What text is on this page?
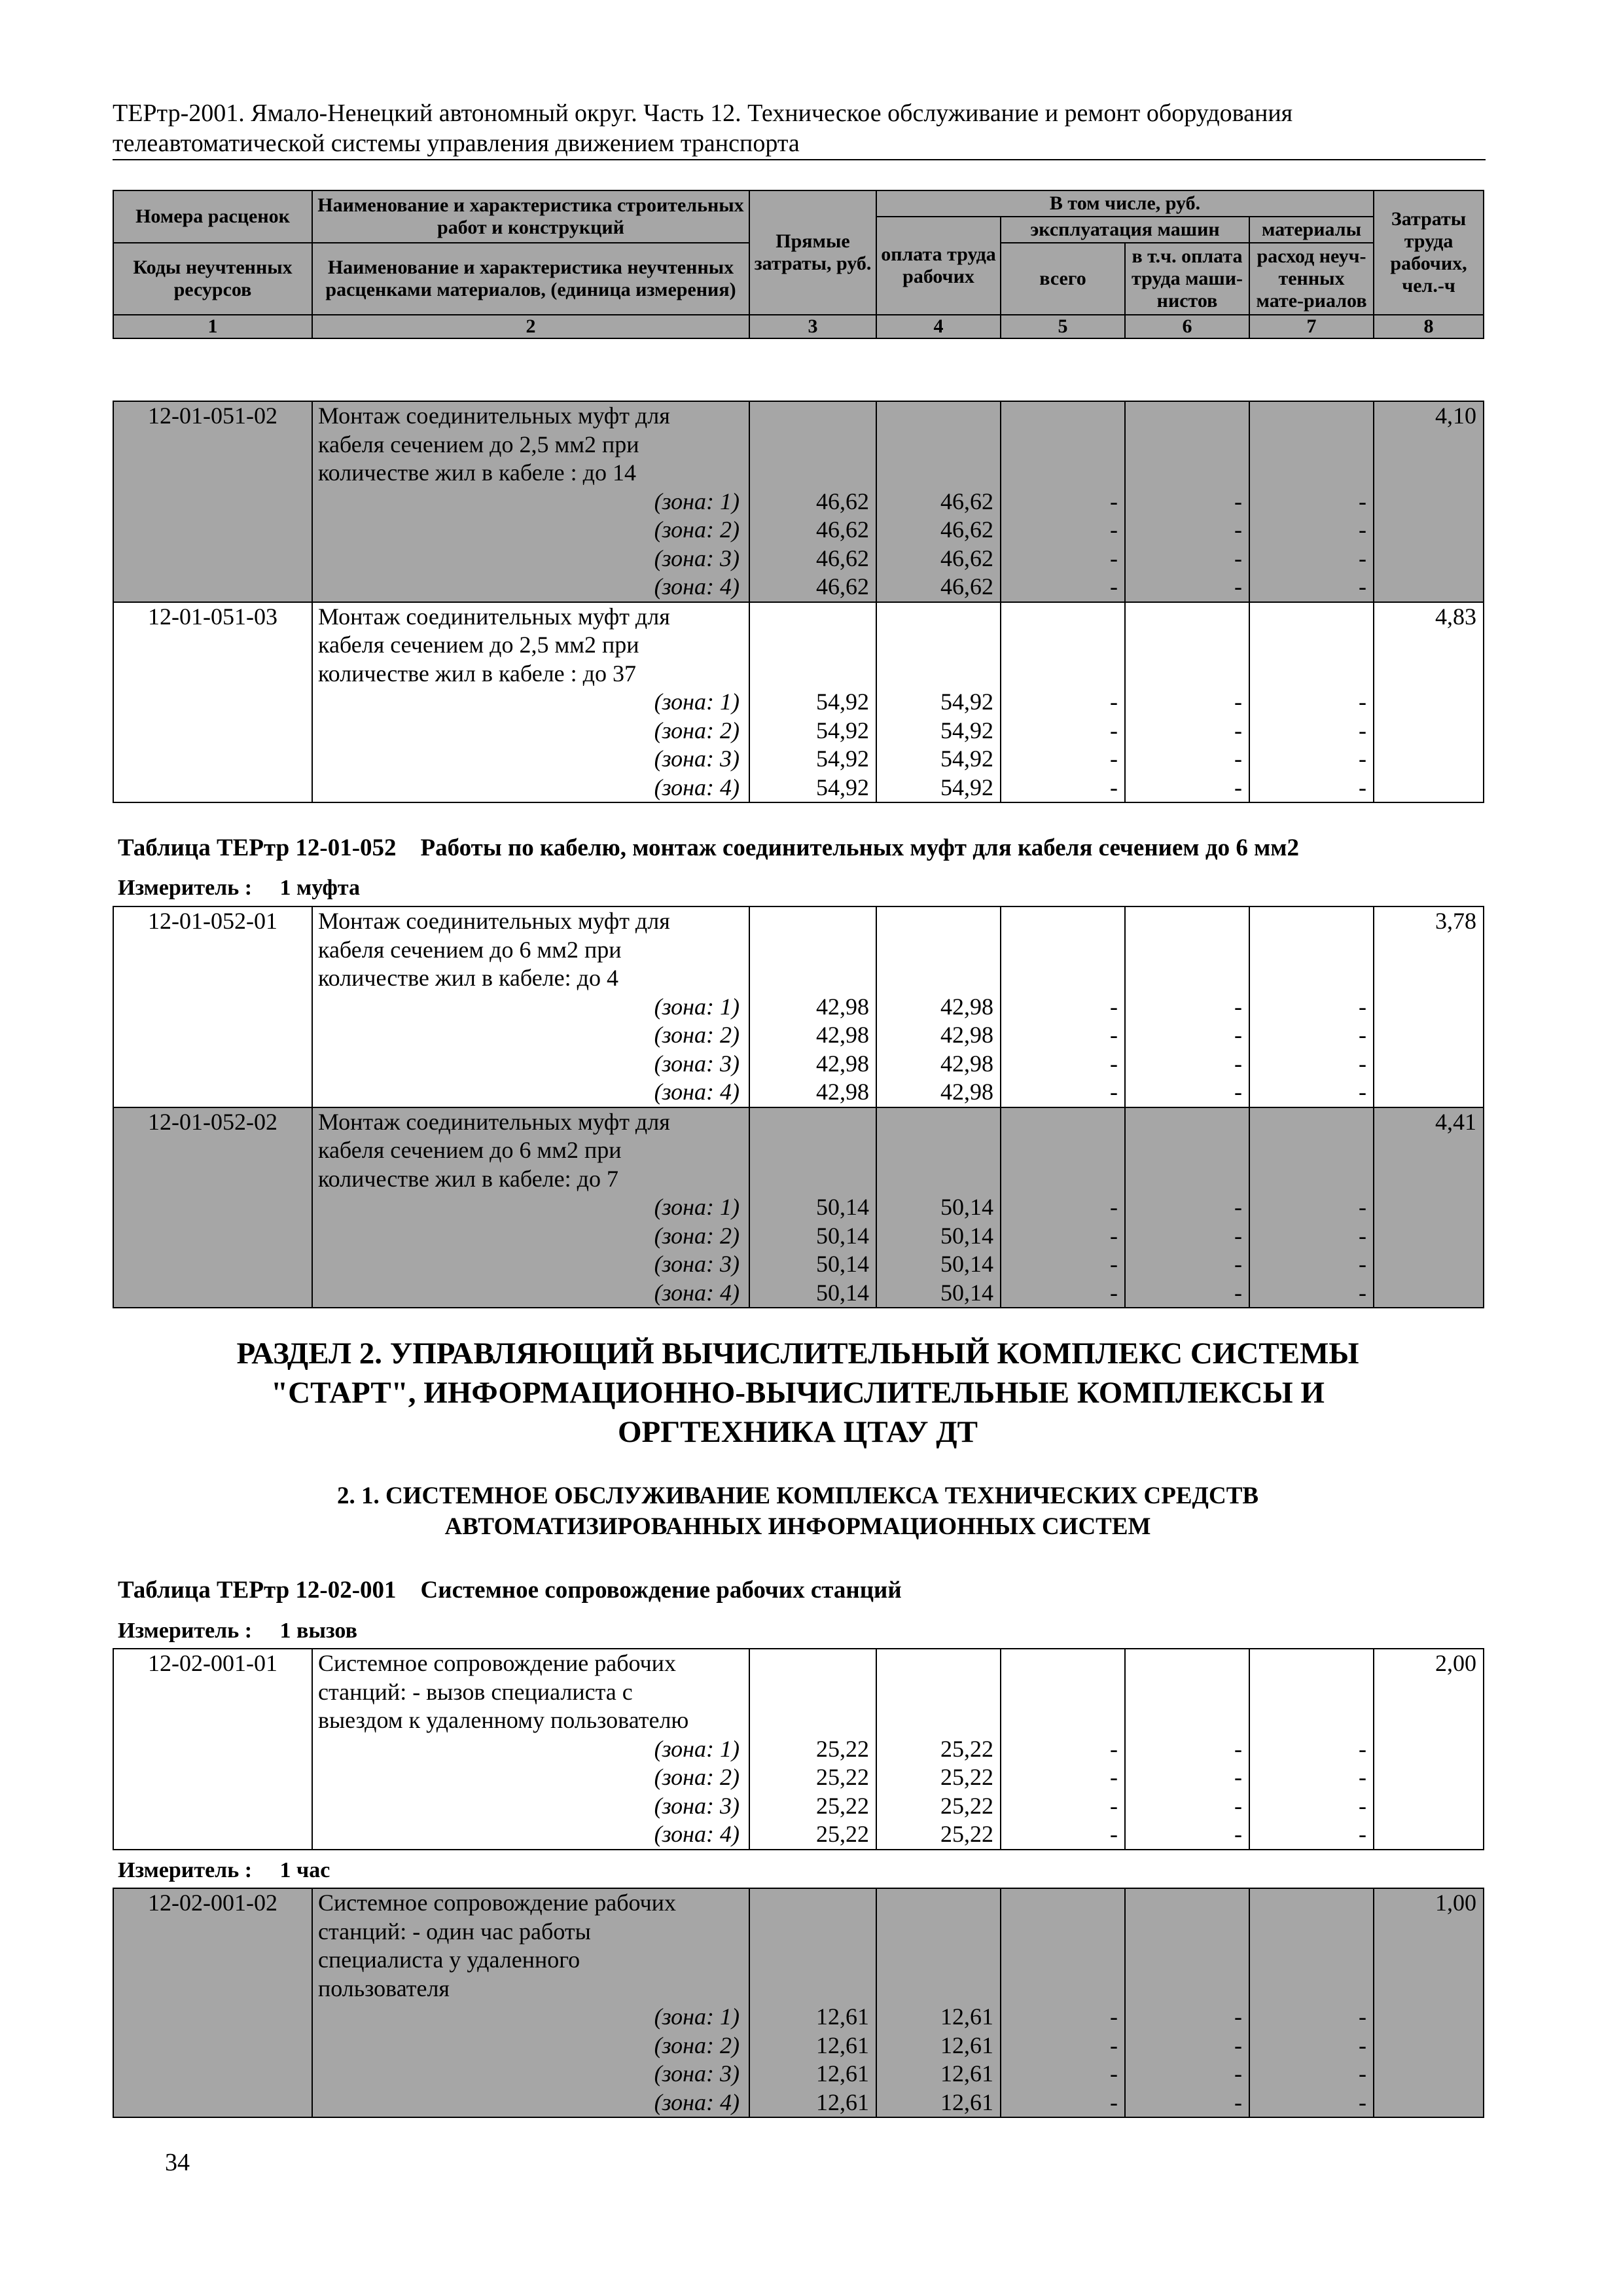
ТЕРтр-2001. Ямало-Ненецкий автономный округ. Часть 12. Техническое обслуживание и ремонт оборудования
телеавтоматической системы управления движением транспорта
Номера расценок	Наименование и характеристика строительных работ и конструкций	Прямые затраты, руб.	В том числе, руб.				Затраты труда рабочих, чел.-ч
			оплата труда рабочих	эксплуатация машин		материалы	
Коды неучтенных ресурсов	Наименование и характеристика неучтенных расценками материалов, (единица измерения)			всего	в т.ч. оплата труда маши-нистов	расход неуч-тенных мате-риалов	

1	2	3	4	5	6	7	8
12-01-051-02	Монтаж соединительных муфт для						4,10
	кабеля сечением до 2,5 мм2 при						
	количестве жил в кабеле : до 14						
	(зона: 1)	46,62	46,62	-	-	-	
	(зона: 2)	46,62	46,62	-	-	-	
	(зона: 3)	46,62	46,62	-	-	-	
	(зона: 4)	46,62	46,62	-	-	-	
12-01-051-03	Монтаж соединительных муфт для						4,83
	кабеля сечением до 2,5 мм2 при						
	количестве жил в кабеле : до 37						
	(зона: 1)	54,92	54,92	-	-	-	
	(зона: 2)	54,92	54,92	-	-	-	
	(зона: 3)	54,92	54,92	-	-	-	
	(зона: 4)	54,92	54,92	-	-	-	
Таблица ТЕРтр 12-01-052    Работы по кабелю, монтаж соединительных муфт для кабеля сечением до 6 мм2
Измеритель :     1 муфта
12-01-052-01	Монтаж соединительных муфт для						3,78
	кабеля сечением до 6 мм2 при						
	количестве жил в кабеле: до 4						
	(зона: 1)	42,98	42,98	-	-	-	
	(зона: 2)	42,98	42,98	-	-	-	
	(зона: 3)	42,98	42,98	-	-	-	
	(зона: 4)	42,98	42,98	-	-	-	
12-01-052-02	Монтаж соединительных муфт для						4,41
	кабеля сечением до 6 мм2 при						
	количестве жил в кабеле: до 7						
	(зона: 1)	50,14	50,14	-	-	-	
	(зона: 2)	50,14	50,14	-	-	-	
	(зона: 3)	50,14	50,14	-	-	-	
	(зона: 4)	50,14	50,14	-	-	-	
РАЗДЕЛ 2. УПРАВЛЯЮЩИЙ ВЫЧИСЛИТЕЛЬНЫЙ КОМПЛЕКС СИСТЕМЫ
"СТАРТ", ИНФОРМАЦИОННО-ВЫЧИСЛИТЕЛЬНЫЕ КОМПЛЕКСЫ И
ОРГТЕХНИКА ЦТАУ ДТ
2. 1. СИСТЕМНОЕ ОБСЛУЖИВАНИЕ КОМПЛЕКСА ТЕХНИЧЕСКИХ СРЕДСТВ
АВТОМАТИЗИРОВАННЫХ ИНФОРМАЦИОННЫХ СИСТЕМ
Таблица ТЕРтр 12-02-001    Системное сопровождение рабочих станций
Измеритель :     1 вызов
12-02-001-01	Системное сопровождение рабочих						2,00
	станций: - вызов специалиста с						
	выездом к удаленному пользователю						
	(зона: 1)	25,22	25,22	-	-	-	
	(зона: 2)	25,22	25,22	-	-	-	
	(зона: 3)	25,22	25,22	-	-	-	
	(зона: 4)	25,22	25,22	-	-	-	
Измеритель :     1 час
12-02-001-02	Системное сопровождение рабочих						1,00
	станций: - один час работы						
	специалиста у удаленного						
	пользователя						
	(зона: 1)	12,61	12,61	-	-	-	
	(зона: 2)	12,61	12,61	-	-	-	
	(зона: 3)	12,61	12,61	-	-	-	
	(зона: 4)	12,61	12,61	-	-	-	
34
